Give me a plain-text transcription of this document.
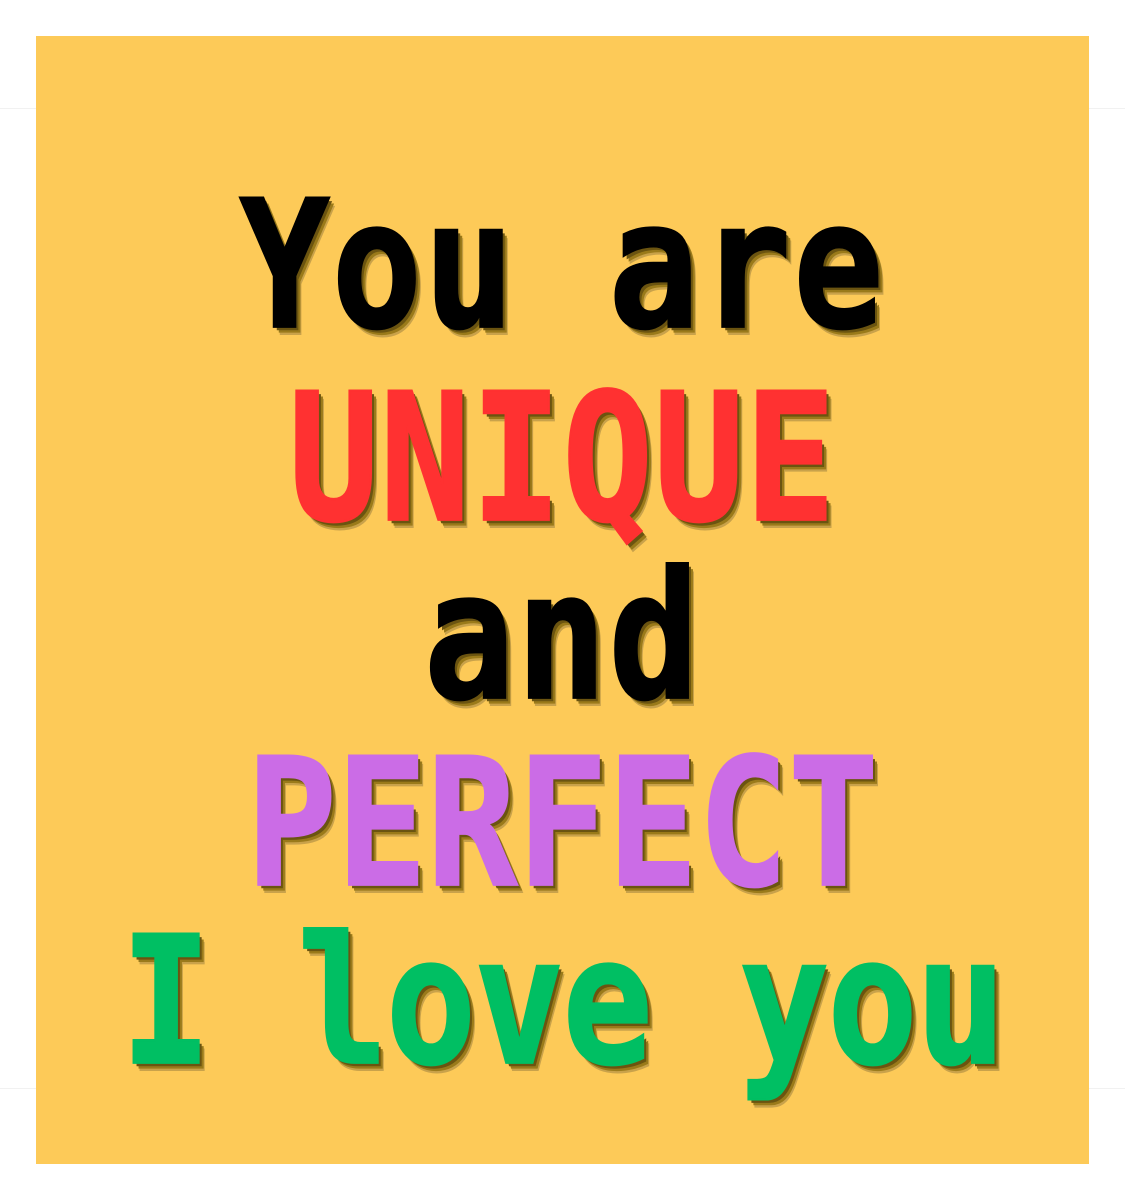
You are
UNIQUE
and
PERFECT
I love you
